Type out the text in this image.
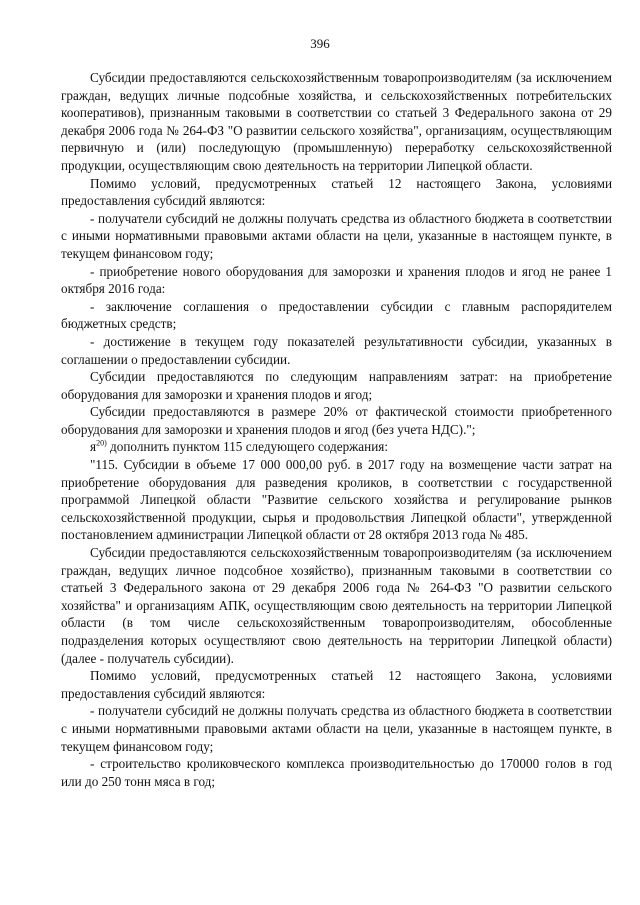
396

Субсидии предоставляются сельскохозяйственным товаропроизводителям (за исключением граждан, ведущих личные подсобные хозяйства, и сельскохозяйственных потребительских кооперативов), признанным таковыми в соответствии со статьей 3 Федерального закона от 29 декабря 2006 года № 264-ФЗ "О развитии сельского хозяйства", организациям, осуществляющим первичную и (или) последующую (промышленную) переработку сельскохозяйственной продукции, осуществляющим свою деятельность на территории Липецкой области.

Помимо условий, предусмотренных статьей 12 настоящего Закона, условиями предоставления субсидий являются:

- получатели субсидий не должны получать средства из областного бюджета в соответствии с иными нормативными правовыми актами области на цели, указанные в настоящем пункте, в текущем финансовом году;

- приобретение нового оборудования для заморозки и хранения плодов и ягод не ранее 1 октября 2016 года:

- заключение соглашения о предоставлении субсидии с главным распорядителем бюджетных средств;

- достижение в текущем году показателей результативности субсидии, указанных в соглашении о предоставлении субсидии.

Субсидии предоставляются по следующим направлениям затрат: на приобретение оборудования для заморозки и хранения плодов и ягод;

Субсидии предоставляются в размере 20% от фактической стоимости приобретенного оборудования для заморозки и хранения плодов и ягод (без учета НДС).";

$я^{20)}$ дополнить пунктом 115 следующего содержания:

"115. Субсидии в объеме 17 000 000,00 руб. в 2017 году на возмещение части затрат на приобретение оборудования для разведения кроликов, в соответствии с государственной программой Липецкой области "Развитие сельского хозяйства и регулирование рынков сельскохозяйственной продукции, сырья и продовольствия Липецкой области", утвержденной постановлением администрации Липецкой области от 28 октября 2013 года № 485.

Субсидии предоставляются сельскохозяйственным товаропроизводителям (за исключением граждан, ведущих личное подсобное хозяйство), признанным таковыми в соответствии со статьей 3 Федерального закона от 29 декабря 2006 года № 264-ФЗ "О развитии сельского хозяйства" и организациям АПК, осуществляющим свою деятельность на территории Липецкой области (в том числе сельскохозяйственным товаропроизводителям, обособленные подразделения которых осуществляют свою деятельность на территории Липецкой области) (далее - получатель субсидии).

Помимо условий, предусмотренных статьей 12 настоящего Закона, условиями предоставления субсидий являются:

- получатели субсидий не должны получать средства из областного бюджета в соответствии с иными нормативными правовыми актами области на цели, указанные в настоящем пункте, в текущем финансовом году;

- строительство кроликовческого комплекса производительностью до 170000 голов в год или до 250 тонн мяса в год;
